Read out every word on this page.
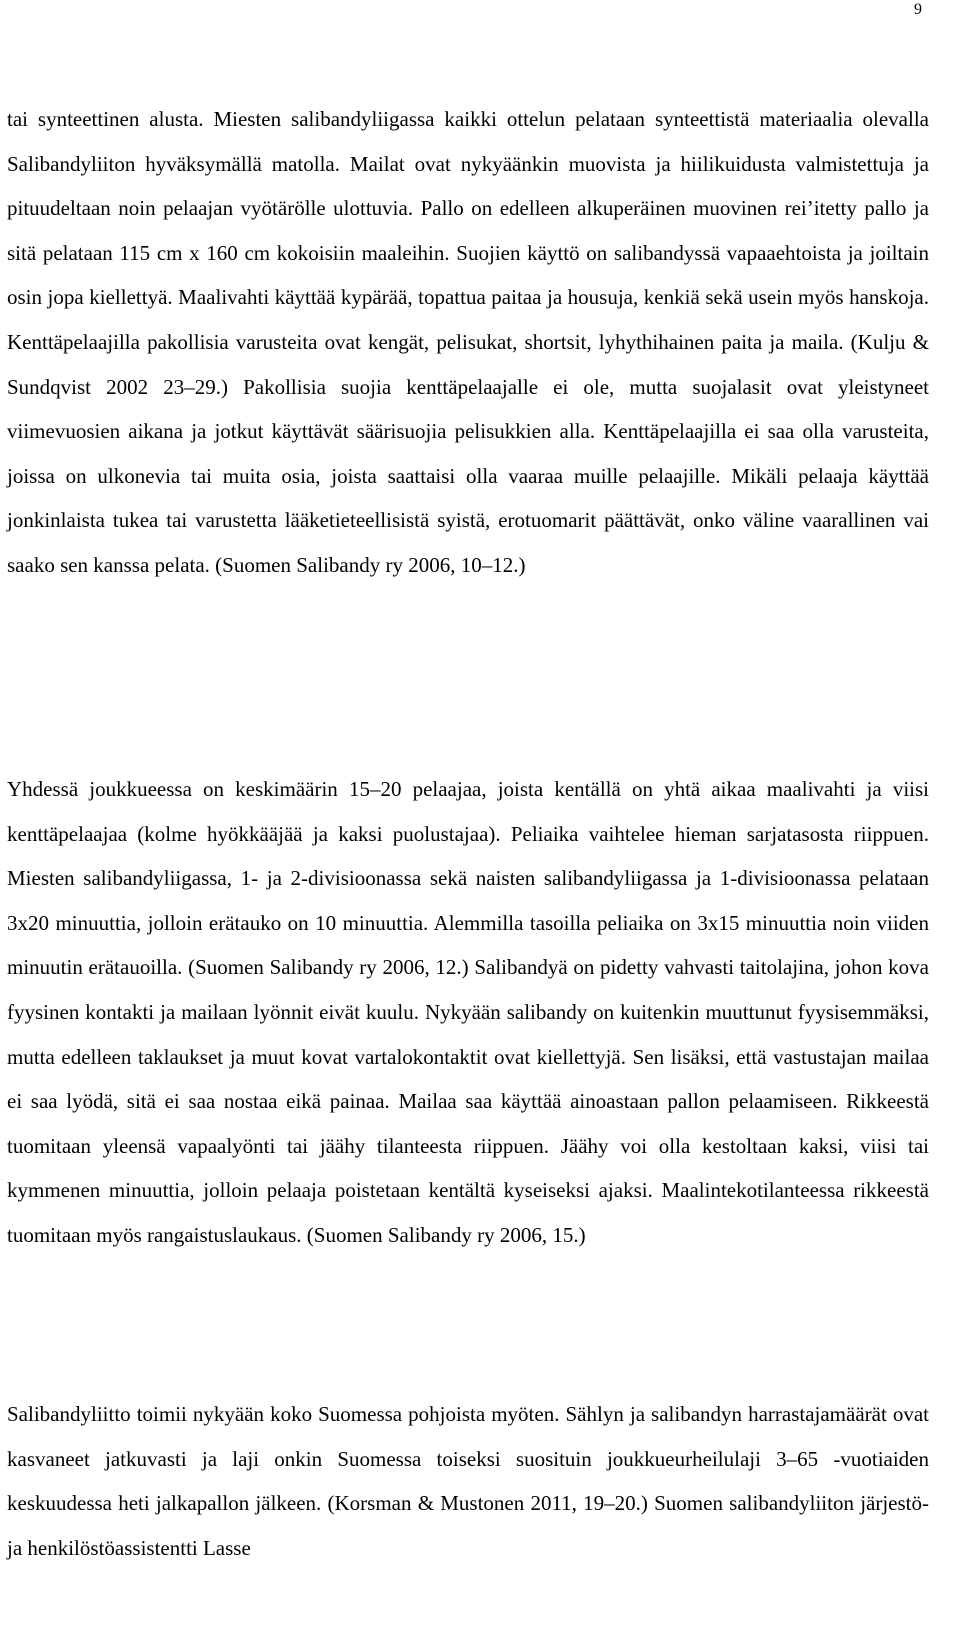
9

tai synteettinen alusta. Miesten salibandyliigassa kaikki ottelun pelataan synteettistä materiaalia olevalla Salibandyliiton hyväksymällä matolla. Mailat ovat nykyäänkin muovista ja hiilikuidusta valmistettuja ja pituudeltaan noin pelaajan vyötärölle ulottuvia. Pallo on edelleen alkuperäinen muovinen rei’itetty pallo ja sitä pelataan 115 cm x 160 cm kokoisiin maaleihin. Suojien käyttö on salibandyssä vapaaehtoista ja joiltain osin jopa kiellettyä. Maalivahti käyttää kypärää, topattua paitaa ja housuja, kenkiä sekä usein myös hanskoja. Kenttäpelaajilla pakollisia varusteita ovat kengät, pelisukat, shortsit, lyhythihainen paita ja maila. (Kulju & Sundqvist 2002 23–29.) Pakollisia suojia kenttäpelaajalle ei ole, mutta suojalasit ovat yleistyneet viimevuosien aikana ja jotkut käyttävät säärisuojia pelisukkien alla. Kenttäpelaajilla ei saa olla varusteita, joissa on ulkonevia tai muita osia, joista saattaisi olla vaaraa muille pelaajille. Mikäli pelaaja käyttää jonkinlaista tukea tai varustetta lääketieteellisistä syistä, erotuomarit päättävät, onko väline vaarallinen vai saako sen kanssa pelata. (Suomen Salibandy ry 2006, 10–12.)

Yhdessä joukkueessa on keskimäärin 15–20 pelaajaa, joista kentällä on yhtä aikaa maalivahti ja viisi kenttäpelaajaa (kolme hyökkääjää ja kaksi puolustajaa). Peliaika vaihtelee hieman sarjatasosta riippuen. Miesten salibandyliigassa, 1- ja 2-divisioonassa sekä naisten salibandyliigassa ja 1-divisioonassa pelataan 3x20 minuuttia, jolloin erätauko on 10 minuuttia. Alemmilla tasoilla peliaika on 3x15 minuuttia noin viiden minuutin erätauoilla. (Suomen Salibandy ry 2006, 12.) Salibandyä on pidetty vahvasti taitolajina, johon kova fyysinen kontakti ja mailaan lyönnit eivät kuulu. Nykyään salibandy on kuitenkin muuttunut fyysisemmäksi, mutta edelleen taklaukset ja muut kovat vartalokontaktit ovat kiellettyjä. Sen lisäksi, että vastustajan mailaa ei saa lyödä, sitä ei saa nostaa eikä painaa. Mailaa saa käyttää ainoastaan pallon pelaamiseen. Rikkeestä tuomitaan yleensä vapaalyönti tai jäähy tilanteesta riippuen. Jäähy voi olla kestoltaan kaksi, viisi tai kymmenen minuuttia, jolloin pelaaja poistetaan kentältä kyseiseksi ajaksi. Maalintekotilanteessa rikkeestä tuomitaan myös rangaistuslaukaus. (Suomen Salibandy ry 2006, 15.)

Salibandyliitto toimii nykyään koko Suomessa pohjoista myöten. Sählyn ja salibandyn harrastajamäärät ovat kasvaneet jatkuvasti ja laji onkin Suomessa toiseksi suosituin joukkueurheilulaji 3–65 -vuotiaiden keskuudessa heti jalkapallon jälkeen. (Korsman & Mustonen 2011, 19–20.) Suomen salibandyliiton järjestö- ja henkilöstöassistentti Lasse
